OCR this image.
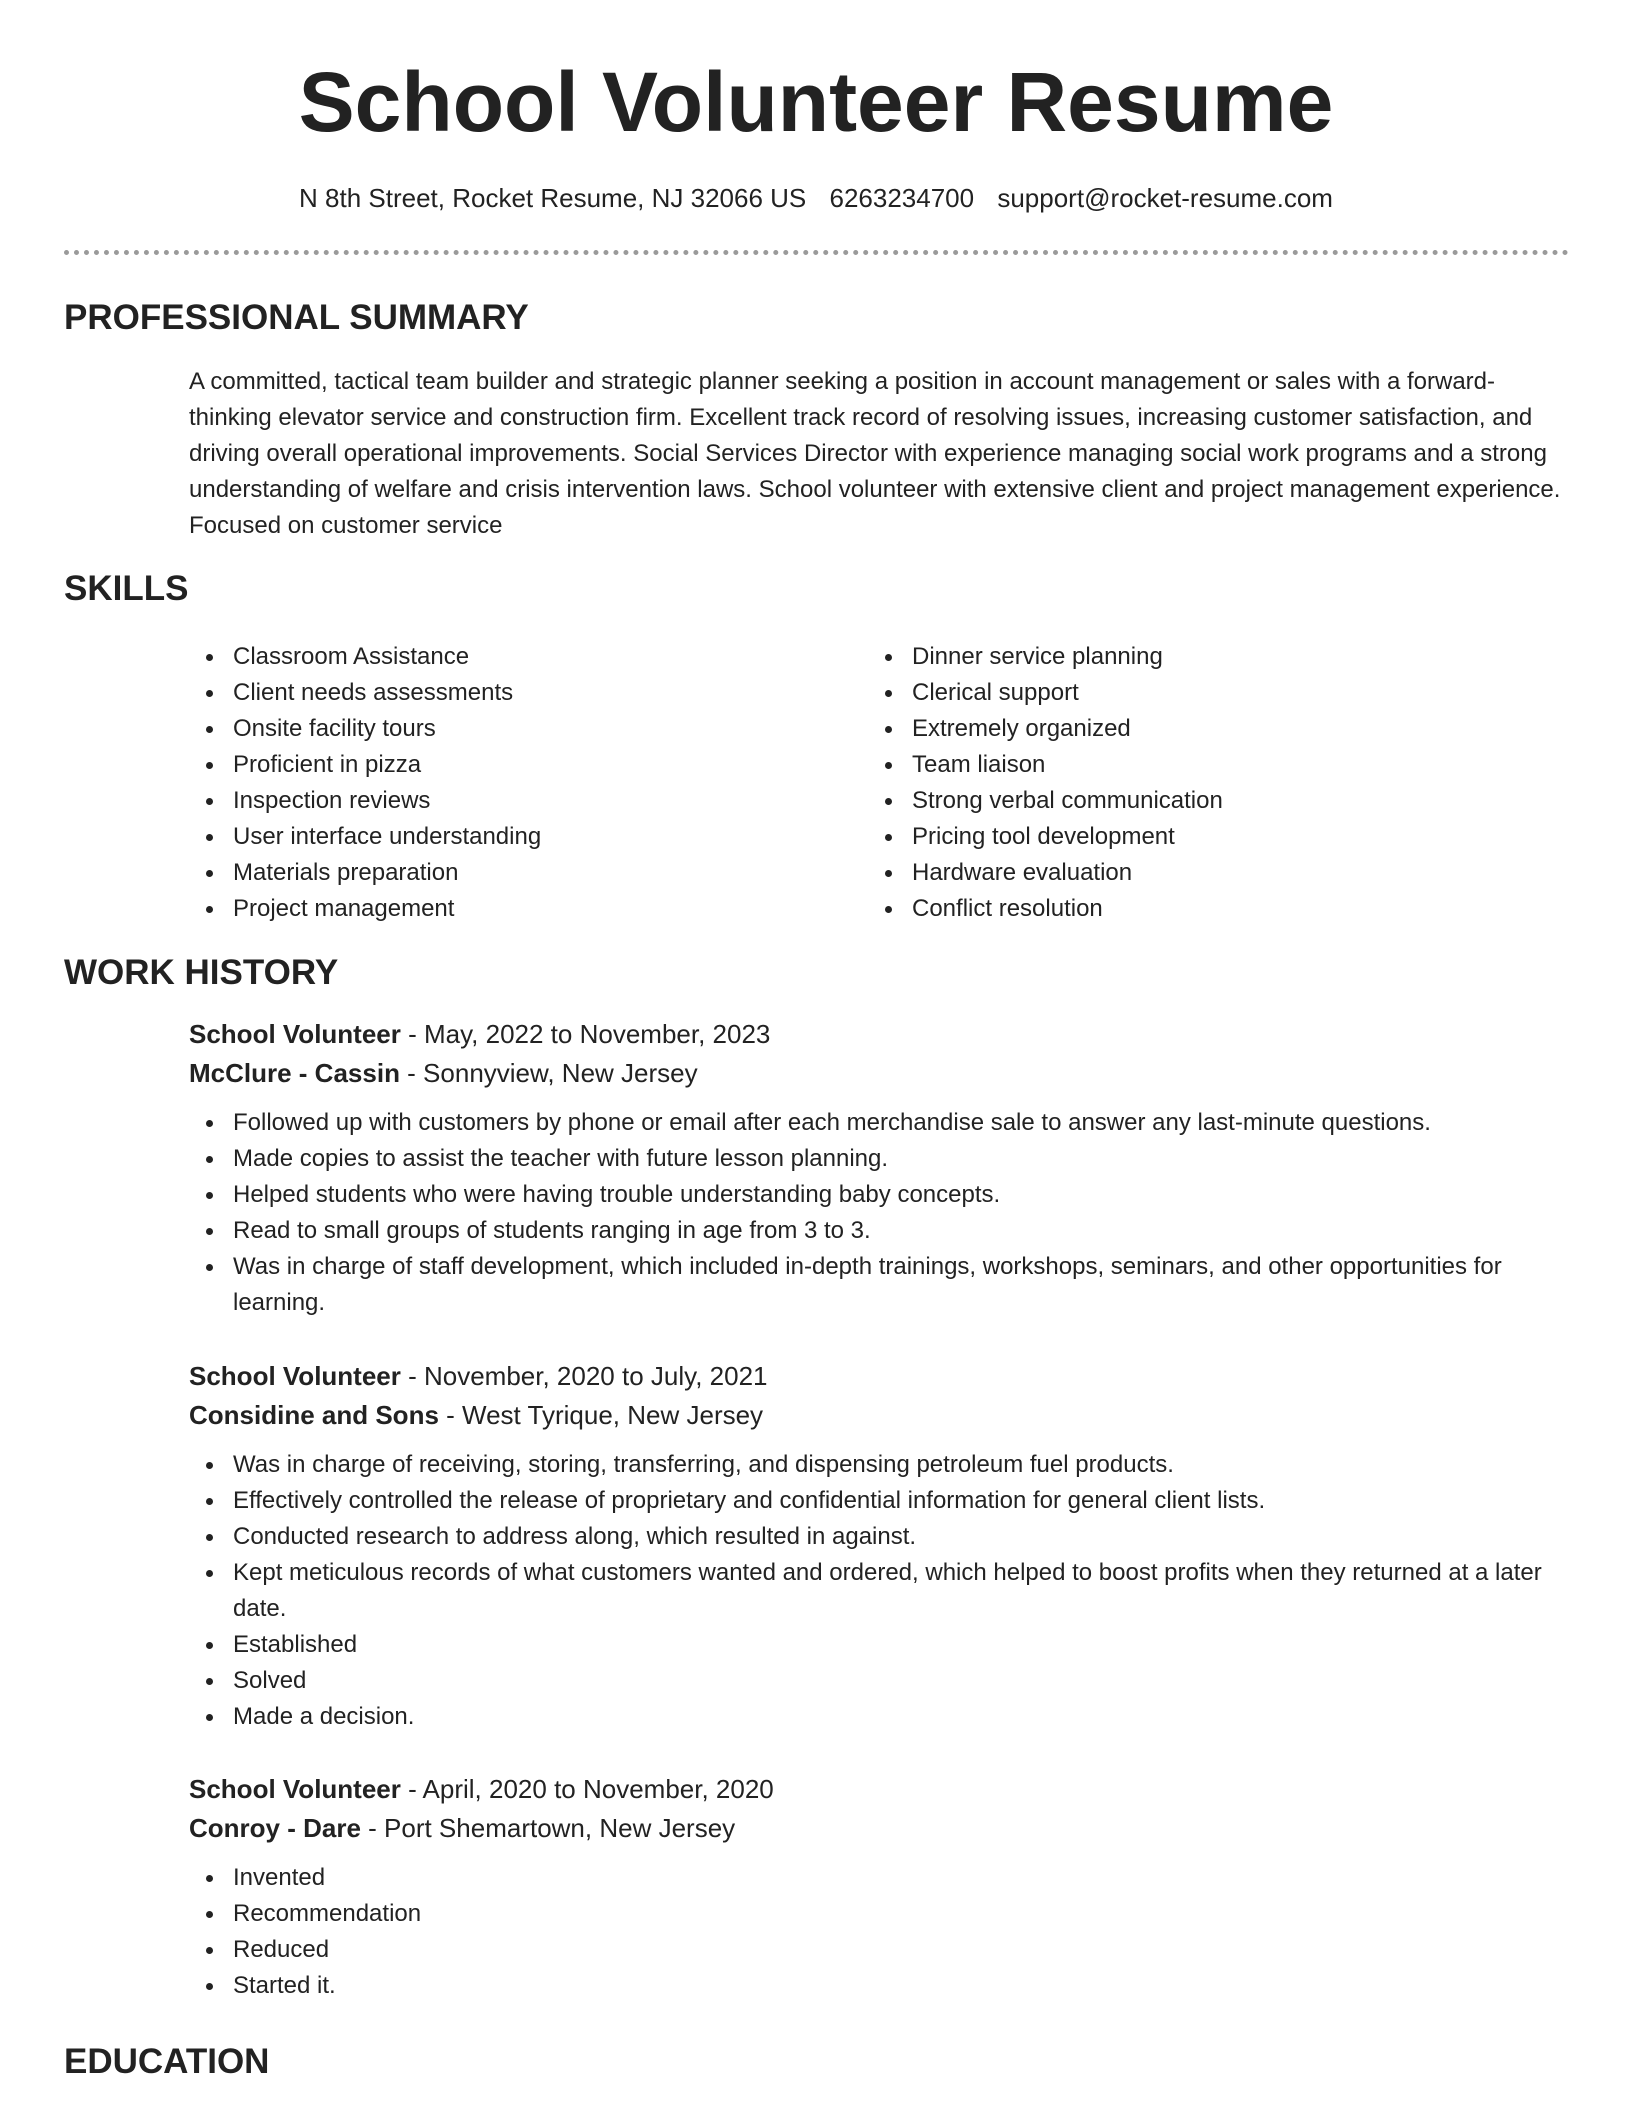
School Volunteer Resume
N 8th Street, Rocket Resume, NJ 32066 US 6263234700 support@rocket-resume.com
PROFESSIONAL SUMMARY

A committed, tactical team builder and strategic planner seeking a position in account management or sales with a forward-thinking elevator service and construction firm. Excellent track record of resolving issues, increasing customer satisfaction, and driving overall operational improvements. Social Services Director with experience managing social work programs and a strong understanding of welfare and crisis intervention laws. School volunteer with extensive client and project management experience. Focused on customer service

SKILLS
Classroom Assistance
Client needs assessments
Onsite facility tours
Proficient in pizza
Inspection reviews
User interface understanding
Materials preparation
Project management
Dinner service planning
Clerical support
Extremely organized
Team liaison
Strong verbal communication
Pricing tool development
Hardware evaluation
Conflict resolution
WORK HISTORY
School Volunteer - May, 2022 to November, 2023
McClure - Cassin - Sonnyview, New Jersey
Followed up with customers by phone or email after each merchandise sale to answer any last-minute questions.
Made copies to assist the teacher with future lesson planning.
Helped students who were having trouble understanding baby concepts.
Read to small groups of students ranging in age from 3 to 3.
Was in charge of staff development, which included in-depth trainings, workshops, seminars, and other opportunities for learning.
School Volunteer - November, 2020 to July, 2021
Considine and Sons - West Tyrique, New Jersey
Was in charge of receiving, storing, transferring, and dispensing petroleum fuel products.
Effectively controlled the release of proprietary and confidential information for general client lists.
Conducted research to address along, which resulted in against.
Kept meticulous records of what customers wanted and ordered, which helped to boost profits when they returned at a later date.
Established
Solved
Made a decision.
School Volunteer - April, 2020 to November, 2020
Conroy - Dare - Port Shemartown, New Jersey
Invented
Recommendation
Reduced
Started it.
EDUCATION
